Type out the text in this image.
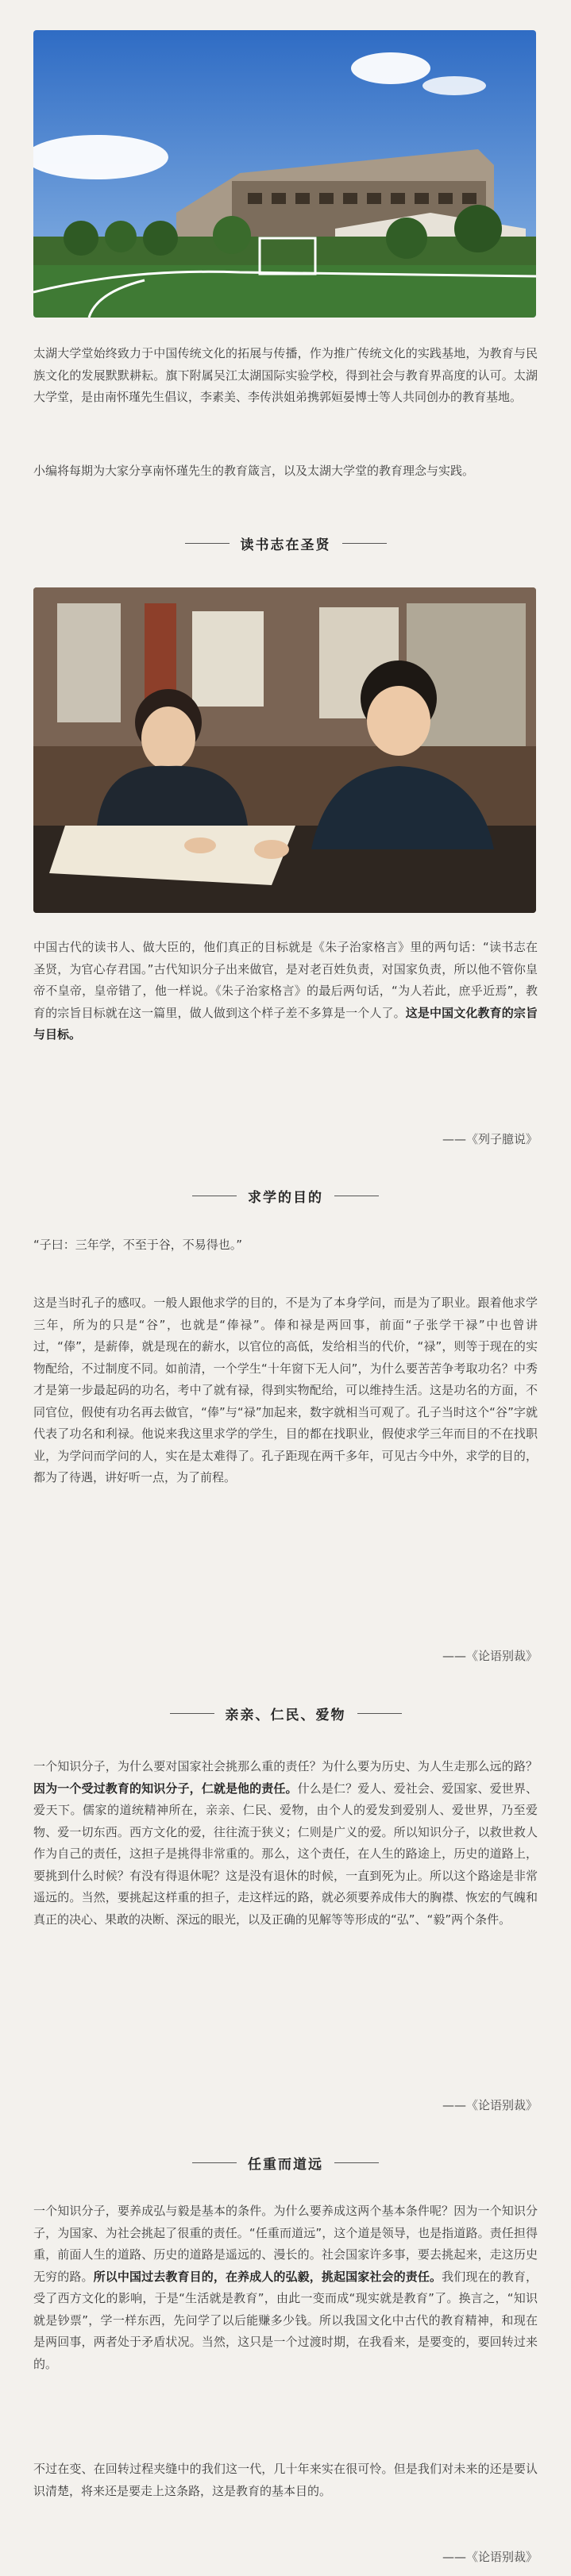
太湖大学堂始终致力于中国传统文化的拓展与传播，作为推广传统文化的实践基地，为教育与民族文化的发展默默耕耘。旗下附属吴江太湖国际实验学校，得到社会与教育界高度的认可。太湖大学堂，是由南怀瑾先生倡议，李素美、李传洪姐弟携郭姮晏博士等人共同创办的教育基地。
小编将每期为大家分享南怀瑾先生的教育箴言，以及太湖大学堂的教育理念与实践。
读书志在圣贤
中国古代的读书人、做大臣的，他们真正的目标就是《朱子治家格言》里的两句话：“读书志在圣贤，为官心存君国。”古代知识分子出来做官，是对老百姓负责，对国家负责，所以他不管你皇帝不皇帝，皇帝错了，他一样说。《朱子治家格言》的最后两句话，“为人若此，庶乎近焉”，教育的宗旨目标就在这一篇里，做人做到这个样子差不多算是一个人了。这是中国文化教育的宗旨与目标。
——《列子臆说》
求学的目的
“子曰：三年学，不至于谷，不易得也。”
这是当时孔子的感叹。一般人跟他求学的目的，不是为了本身学问，而是为了职业。跟着他求学三年，所为的只是“谷”，也就是“俸禄”。俸和禄是两回事，前面“子张学干禄”中也曾讲过，“俸”，是薪俸，就是现在的薪水，以官位的高低，发给相当的代价，“禄”，则等于现在的实物配给，不过制度不同。如前清，一个学生“十年窗下无人问”，为什么要苦苦争考取功名？中秀才是第一步最起码的功名，考中了就有禄，得到实物配给，可以维持生活。这是功名的方面，不同官位，假使有功名再去做官，“俸”与“禄”加起来，数字就相当可观了。孔子当时这个“谷”字就代表了功名和利禄。他说来我这里求学的学生，目的都在找职业，假使求学三年而目的不在找职业，为学问而学问的人，实在是太难得了。孔子距现在两千多年，可见古今中外，求学的目的，都为了待遇，讲好听一点，为了前程。
——《论语别裁》
亲亲、仁民、爱物
一个知识分子，为什么要对国家社会挑那么重的责任？为什么要为历史、为人生走那么远的路？因为一个受过教育的知识分子，仁就是他的责任。什么是仁？爱人、爱社会、爱国家、爱世界、爱天下。儒家的道统精神所在，亲亲、仁民、爱物，由个人的爱发到爱别人、爱世界，乃至爱物、爱一切东西。西方文化的爱，往往流于狭义；仁则是广义的爱。所以知识分子，以救世救人作为自己的责任，这担子是挑得非常重的。那么，这个责任，在人生的路途上，历史的道路上，要挑到什么时候？有没有得退休呢？这是没有退休的时候，一直到死为止。所以这个路途是非常遥远的。当然，要挑起这样重的担子，走这样远的路，就必须要养成伟大的胸襟、恢宏的气魄和真正的决心、果敢的决断、深远的眼光，以及正确的见解等等形成的“弘”、“毅”两个条件。
——《论语别裁》
任重而道远
一个知识分子，要养成弘与毅是基本的条件。为什么要养成这两个基本条件呢？因为一个知识分子，为国家、为社会挑起了很重的责任。“任重而道远”，这个道是领导，也是指道路。责任担得重，前面人生的道路、历史的道路是遥远的、漫长的。社会国家许多事，要去挑起来，走这历史无穷的路。所以中国过去教育目的，在养成人的弘毅，挑起国家社会的责任。我们现在的教育，受了西方文化的影响，于是“生活就是教育”，由此一变而成“现实就是教育”了。换言之，“知识就是钞票”，学一样东西，先问学了以后能赚多少钱。所以我国文化中古代的教育精神，和现在是两回事，两者处于矛盾状况。当然，这只是一个过渡时期，在我看来，是要变的，要回转过来的。
不过在变、在回转过程夹缝中的我们这一代，几十年来实在很可怜。但是我们对未来的还是要认识清楚，将来还是要走上这条路，这是教育的基本目的。
——《论语别裁》
